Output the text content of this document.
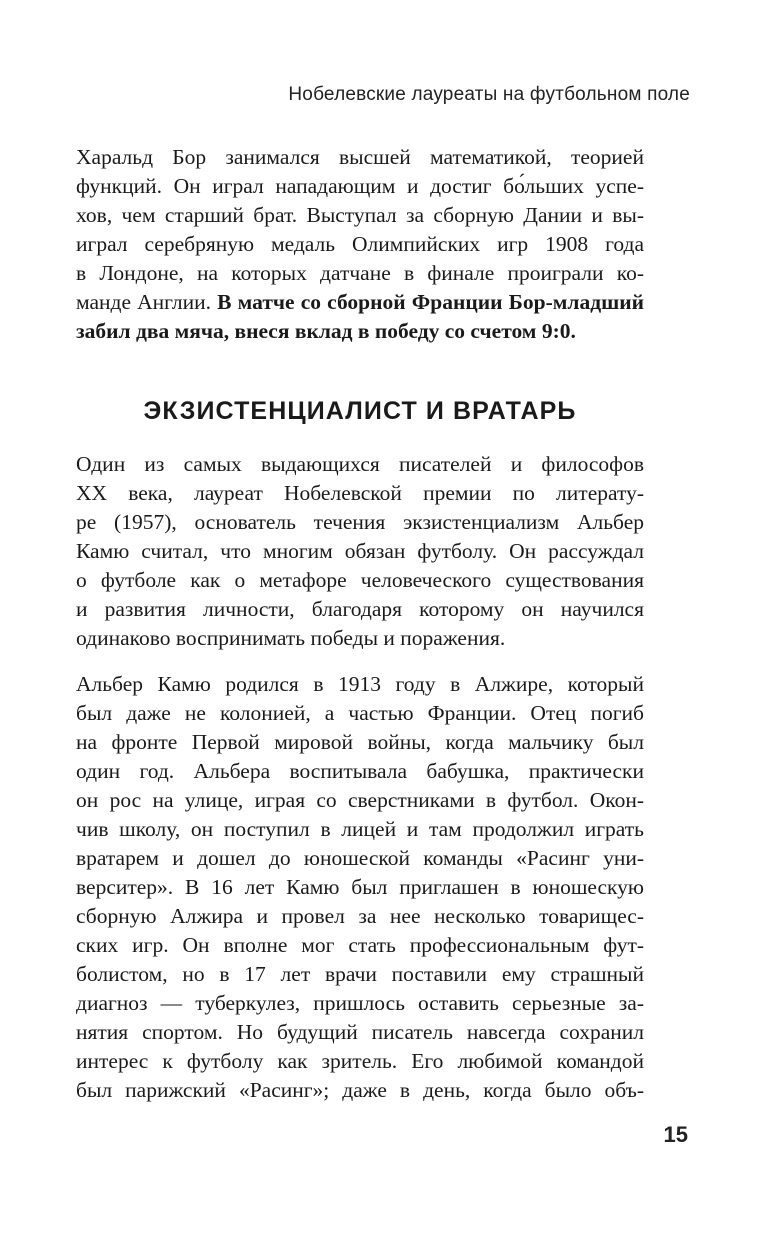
Нобелевские лауреаты на футбольном поле
Харальд Бор занимался высшей математикой, теорией
функций. Он играл нападающим и достиг бо́льших успе-
хов, чем старший брат. Выступал за сборную Дании и вы-
играл серебряную медаль Олимпийских игр 1908 года
в Лондоне, на которых датчане в финале проиграли ко-
манде Англии. В матче со сборной Франции Бор-младший
забил два мяча, внеся вклад в победу со счетом 9:0.
ЭКЗИСТЕНЦИАЛИСТ И ВРАТАРЬ
Один из самых выдающихся писателей и философов
XX века, лауреат Нобелевской премии по литерату-
ре (1957), основатель течения экзистенциализм Альбер
Камю считал, что многим обязан футболу. Он рассуждал
о футболе как о метафоре человеческого существования
и развития личности, благодаря которому он научился
одинаково воспринимать победы и поражения.
Альбер Камю родился в 1913 году в Алжире, который
был даже не колонией, а частью Франции. Отец погиб
на фронте Первой мировой войны, когда мальчику был
один год. Альбера воспитывала бабушка, практически
он рос на улице, играя со сверстниками в футбол. Окон-
чив школу, он поступил в лицей и там продолжил играть
вратарем и дошел до юношеской команды «Расинг уни-
верситер». В 16 лет Камю был приглашен в юношескую
сборную Алжира и провел за нее несколько товарищес-
ских игр. Он вполне мог стать профессиональным фут-
болистом, но в 17 лет врачи поставили ему страшный
диагноз — туберкулез, пришлось оставить серьезные за-
нятия спортом. Но будущий писатель навсегда сохранил
интерес к футболу как зритель. Его любимой командой
был парижский «Расинг»; даже в день, когда было объ-
15
